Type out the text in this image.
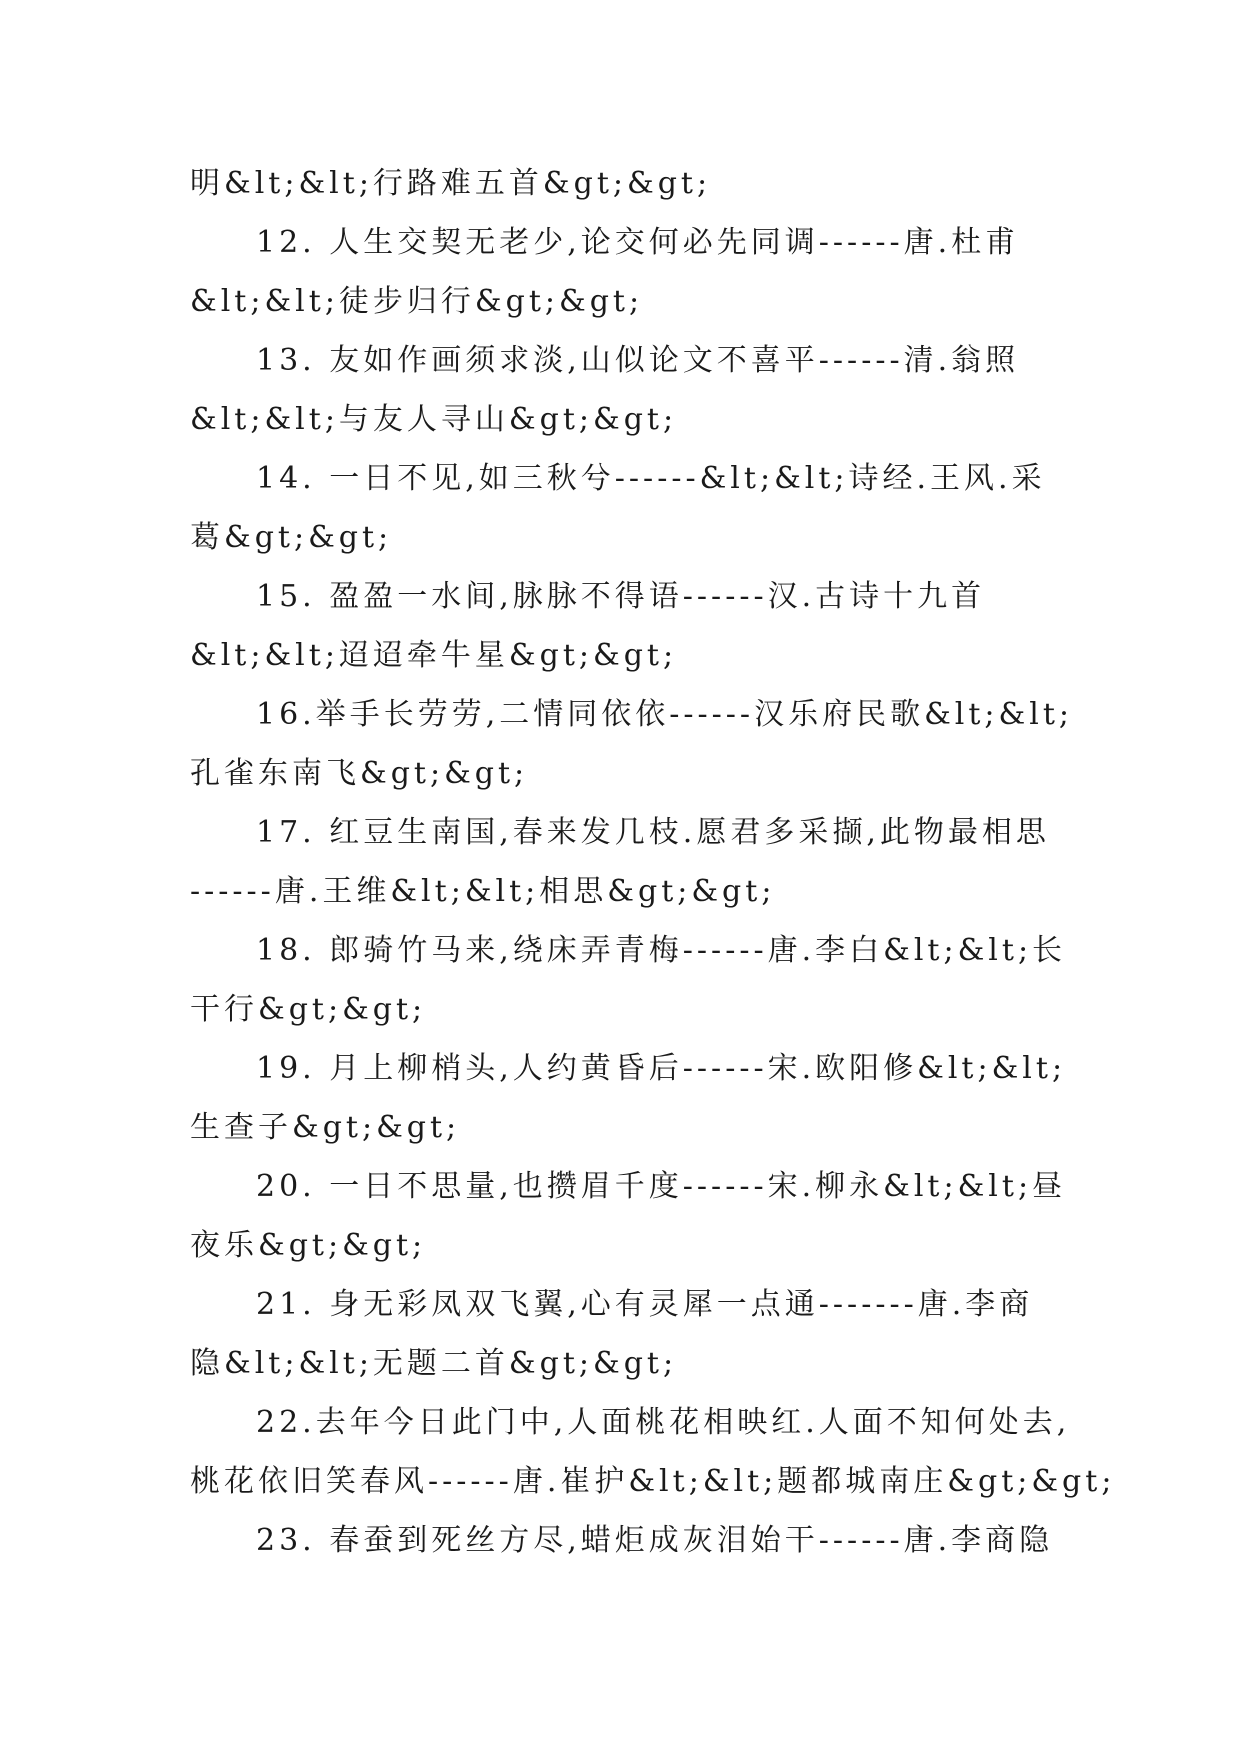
明&lt;&lt;行路难五首&gt;&gt;
12. 人生交契无老少,论交何必先同调------唐.杜甫
&lt;&lt;徒步归行&gt;&gt;
13. 友如作画须求淡,山似论文不喜平------清.翁照
&lt;&lt;与友人寻山&gt;&gt;
14. 一日不见,如三秋兮------&lt;&lt;诗经.王风.采
葛&gt;&gt;
15. 盈盈一水间,脉脉不得语------汉.古诗十九首
&lt;&lt;迢迢牵牛星&gt;&gt;
16.举手长劳劳,二情同依依------汉乐府民歌&lt;&lt;
孔雀东南飞&gt;&gt;
17. 红豆生南国,春来发几枝.愿君多采撷,此物最相思
------唐.王维&lt;&lt;相思&gt;&gt;
18. 郎骑竹马来,绕床弄青梅------唐.李白&lt;&lt;长
干行&gt;&gt;
19. 月上柳梢头,人约黄昏后------宋.欧阳修&lt;&lt;
生查子&gt;&gt;
20. 一日不思量,也攒眉千度------宋.柳永&lt;&lt;昼
夜乐&gt;&gt;
21. 身无彩凤双飞翼,心有灵犀一点通-------唐.李商
隐&lt;&lt;无题二首&gt;&gt;
22.去年今日此门中,人面桃花相映红.人面不知何处去,
桃花依旧笑春风------唐.崔护&lt;&lt;题都城南庄&gt;&gt;
23. 春蚕到死丝方尽,蜡炬成灰泪始干------唐.李商隐
